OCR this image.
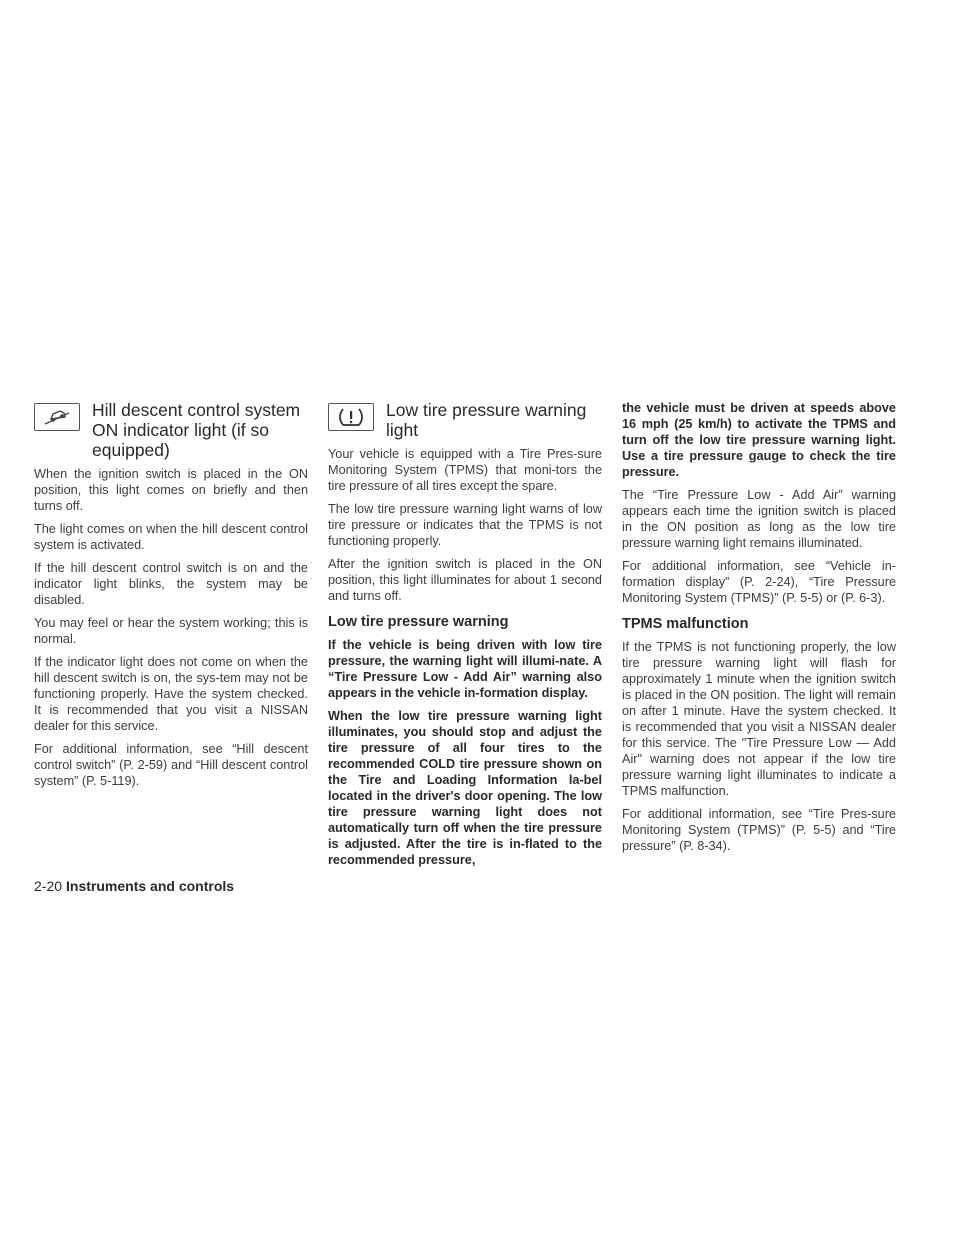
Hill descent control system ON indicator light (if so equipped)

When the ignition switch is placed in the ON position, this light comes on briefly and then turns off.

The light comes on when the hill descent control system is activated.

If the hill descent control switch is on and the indicator light blinks, the system may be disabled.

You may feel or hear the system working; this is normal.

If the indicator light does not come on when the hill descent switch is on, the sys-tem may not be functioning properly. Have the system checked. It is recommended that you visit a NISSAN dealer for this service.

For additional information, see “Hill descent control switch” (P. 2-59) and “Hill descent control system” (P. 5-119).

Low tire pressure warning light

Your vehicle is equipped with a Tire Pres-sure Monitoring System (TPMS) that moni-tors the tire pressure of all tires except the spare.

The low tire pressure warning light warns of low tire pressure or indicates that the TPMS is not functioning properly.

After the ignition switch is placed in the ON position, this light illuminates for about 1 second and turns off.

Low tire pressure warning

If the vehicle is being driven with low tire pressure, the warning light will illumi-nate. A “Tire Pressure Low - Add Air” warning also appears in the vehicle in-formation display.

When the low tire pressure warning light illuminates, you should stop and adjust the tire pressure of all four tires to the recommended COLD tire pressure shown on the Tire and Loading Information la-bel located in the driver's door opening. The low tire pressure warning light does not automatically turn off when the tire pressure is adjusted. After the tire is in-flated to the recommended pressure,

the vehicle must be driven at speeds above 16 mph (25 km/h) to activate the TPMS and turn off the low tire pressure warning light. Use a tire pressure gauge to check the tire pressure.

The “Tire Pressure Low - Add Air” warning appears each time the ignition switch is placed in the ON position as long as the low tire pressure warning light remains illuminated.

For additional information, see “Vehicle in-formation display” (P. 2-24), “Tire Pressure Monitoring System (TPMS)” (P. 5-5) or (P. 6-3).

TPMS malfunction

If the TPMS is not functioning properly, the low tire pressure warning light will flash for approximately 1 minute when the ignition switch is placed in the ON position. The light will remain on after 1 minute. Have the system checked. It is recommended that you visit a NISSAN dealer for this service. The "Tire Pressure Low — Add Air" warning does not appear if the low tire pressure warning light illuminates to indicate a TPMS malfunction.

For additional information, see “Tire Pres-sure Monitoring System (TPMS)” (P. 5-5) and “Tire pressure” (P. 8-34).

2-20 Instruments and controls
